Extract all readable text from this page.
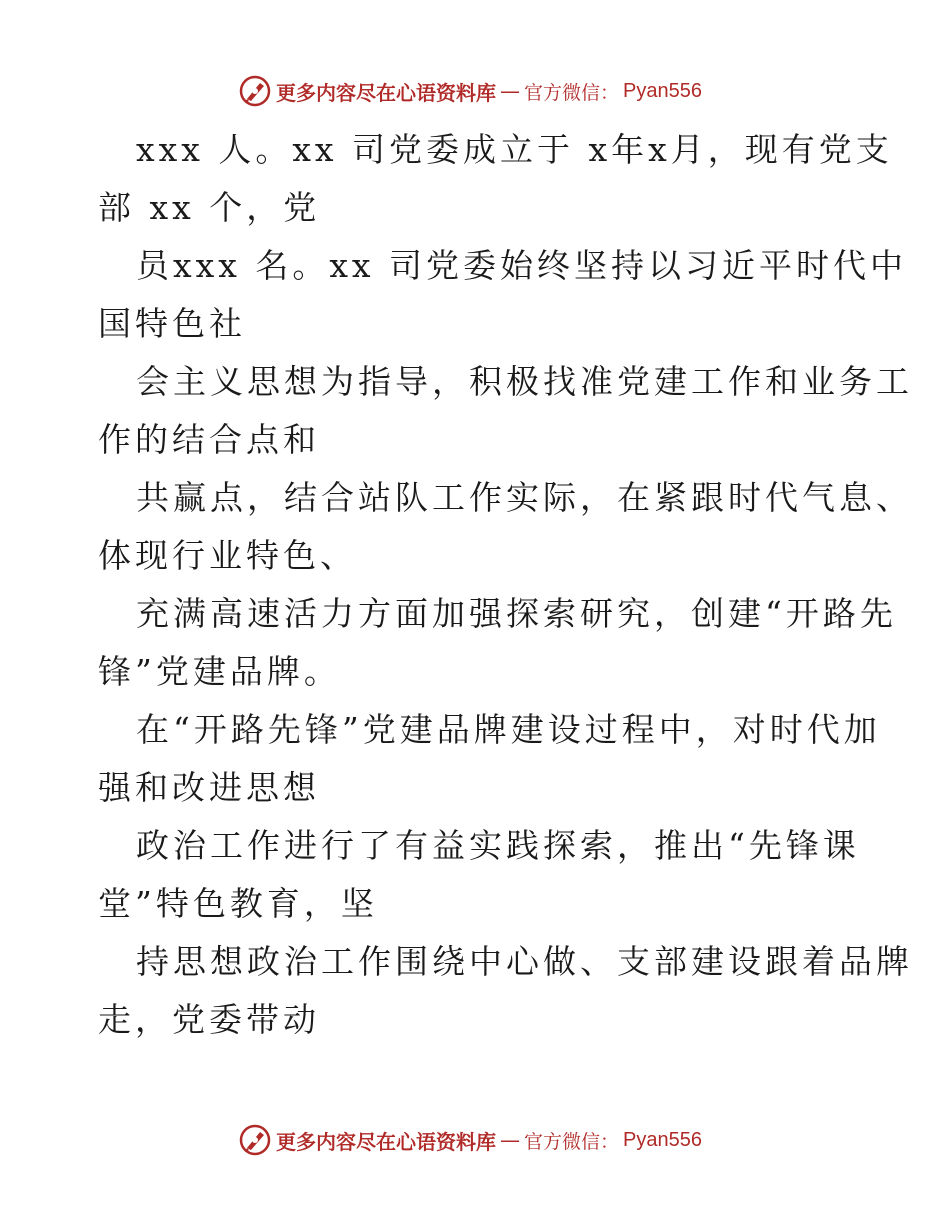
更多内容尽在心语资料库 — 官方微信： Pyan556
xxx 人。xx 司党委成立于 x年x月，现有党支
部 xx 个，党
员xxx 名。xx 司党委始终坚持以习近平时代中
国特色社
会主义思想为指导，积极找准党建工作和业务工
作的结合点和
共赢点，结合站队工作实际，在紧跟时代气息、
体现行业特色、
充满高速活力方面加强探索研究，创建“开路先
锋”党建品牌。
在“开路先锋”党建品牌建设过程中，对时代加
强和改进思想
政治工作进行了有益实践探索，推出“先锋课
堂”特色教育，坚
持思想政治工作围绕中心做、支部建设跟着品牌
走，党委带动
更多内容尽在心语资料库 — 官方微信： Pyan556
